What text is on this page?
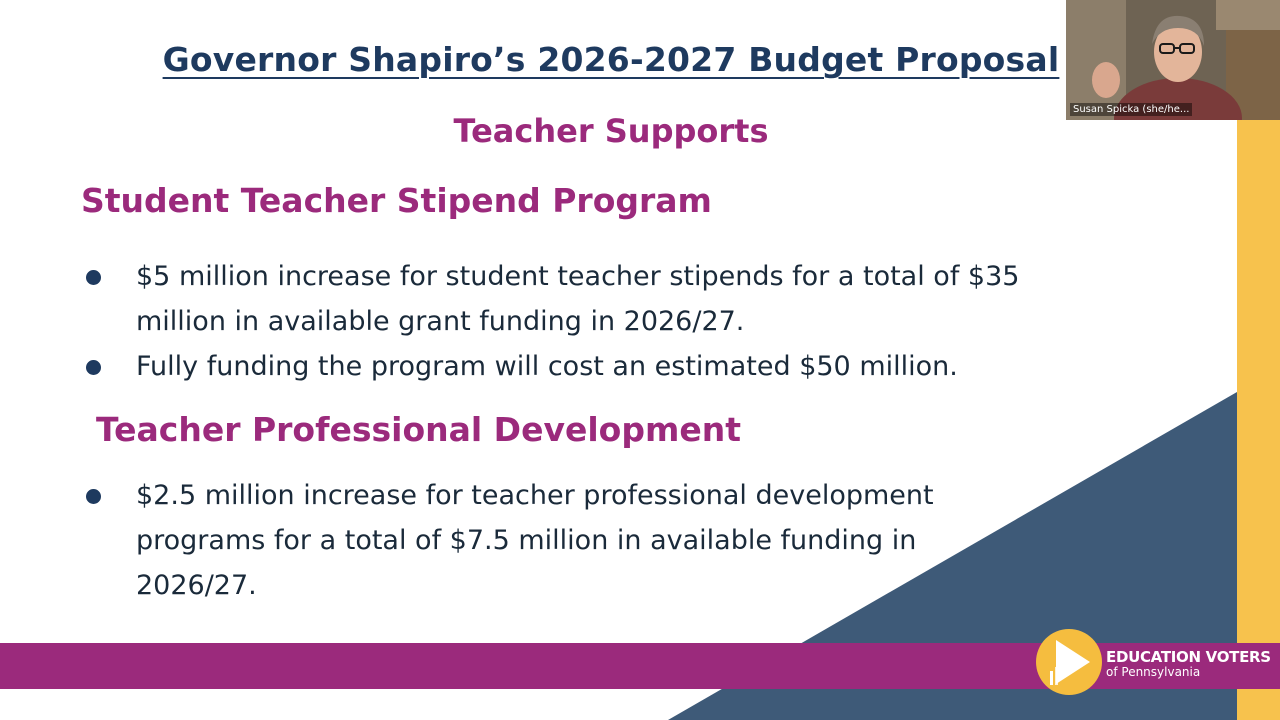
Governor Shapiro’s 2026-2027 Budget Proposal
Teacher Supports
Student Teacher Stipend Program
$5 million increase for student teacher stipends for a total of $35 million in available grant funding in 2026/27.
Fully funding the program will cost an estimated $50 million.
Teacher Professional Development
$2.5 million increase for teacher professional development programs for a total of $7.5 million in available funding in 2026/27.
EDUCATION VOTERS
of Pennsylvania
Susan Spicka (she/he...
